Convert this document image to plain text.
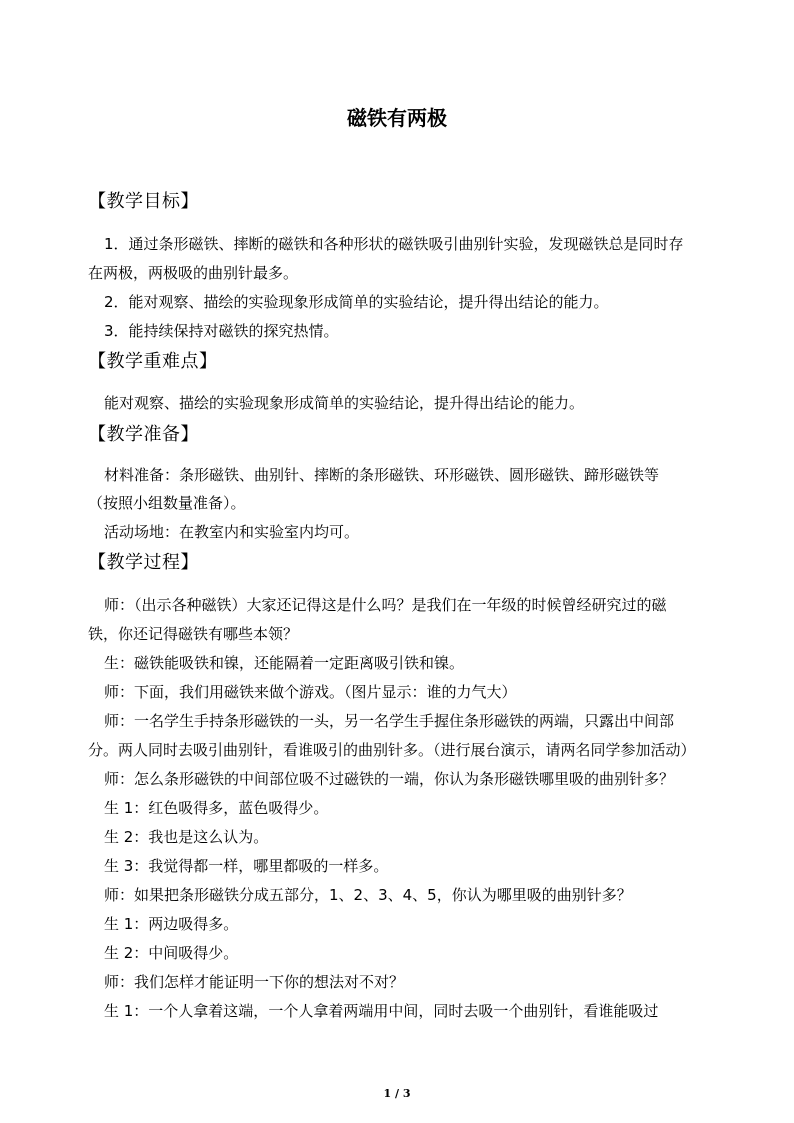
磁铁有两极
【教学目标】
1．通过条形磁铁、摔断的磁铁和各种形状的磁铁吸引曲别针实验，发现磁铁总是同时存
在两极，两极吸的曲别针最多。
2．能对观察、描绘的实验现象形成简单的实验结论，提升得出结论的能力。
3．能持续保持对磁铁的探究热情。
【教学重难点】
能对观察、描绘的实验现象形成简单的实验结论，提升得出结论的能力。
【教学准备】
材料准备：条形磁铁、曲别针、摔断的条形磁铁、环形磁铁、圆形磁铁、蹄形磁铁等
（按照小组数量准备）。
活动场地：在教室内和实验室内均可。
【教学过程】
师：（出示各种磁铁）大家还记得这是什么吗？是我们在一年级的时候曾经研究过的磁
铁，你还记得磁铁有哪些本领？
生：磁铁能吸铁和镍，还能隔着一定距离吸引铁和镍。
师：下面，我们用磁铁来做个游戏。（图片显示：谁的力气大）
师：一名学生手持条形磁铁的一头，另一名学生手握住条形磁铁的两端，只露出中间部
分。两人同时去吸引曲别针，看谁吸引的曲别针多。（进行展台演示，请两名同学参加活动）
师：怎么条形磁铁的中间部位吸不过磁铁的一端，你认为条形磁铁哪里吸的曲别针多？
生 1：红色吸得多，蓝色吸得少。
生 2：我也是这么认为。
生 3：我觉得都一样，哪里都吸的一样多。
师：如果把条形磁铁分成五部分，1、2、3、4、5，你认为哪里吸的曲别针多？
生 1：两边吸得多。
生 2：中间吸得少。
师：我们怎样才能证明一下你的想法对不对？
生 1：一个人拿着这端，一个人拿着两端用中间，同时去吸一个曲别针，看谁能吸过
1 / 3
